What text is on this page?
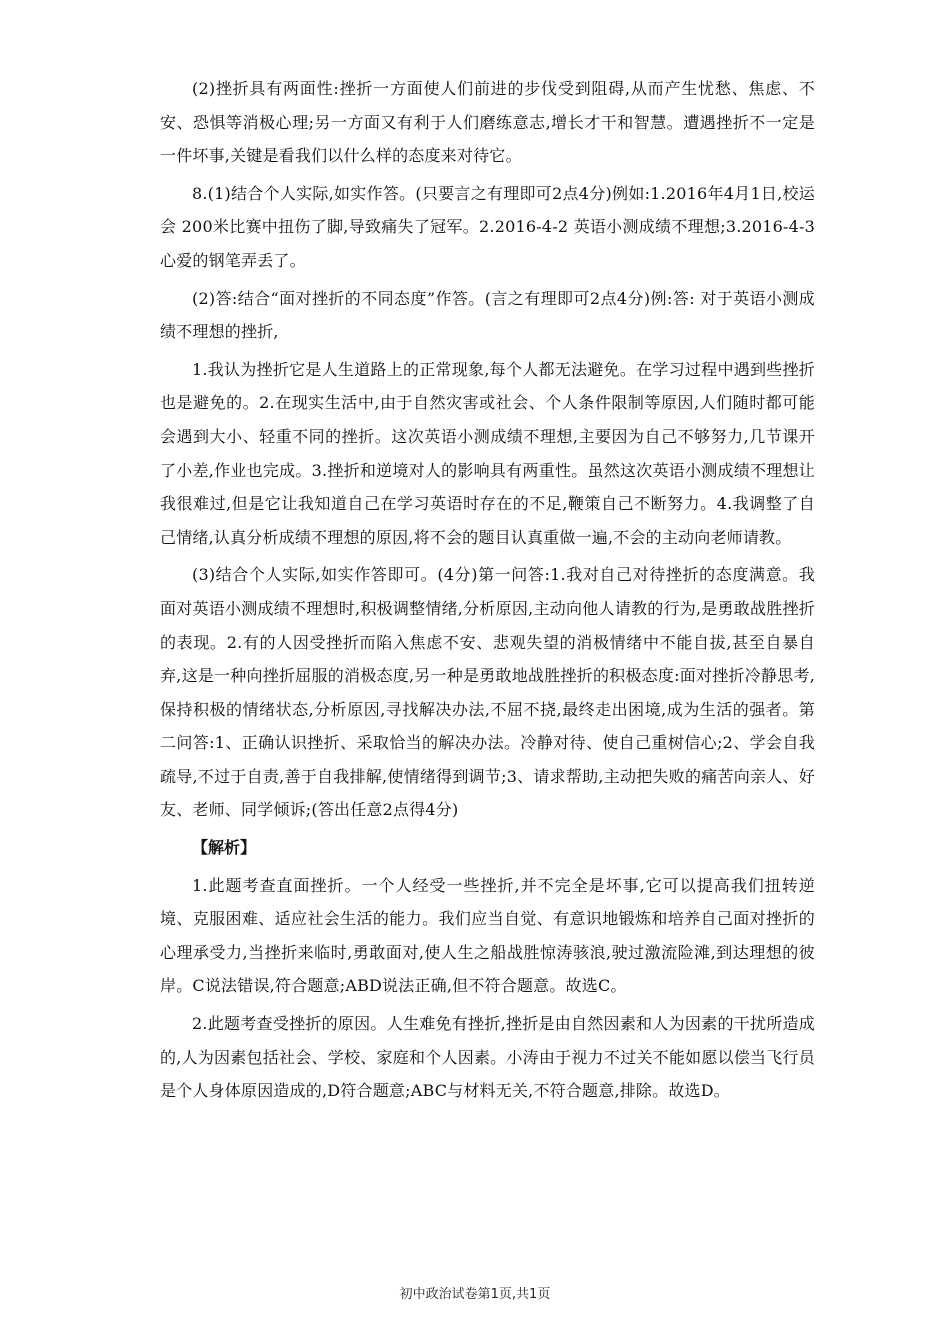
(2)挫折具有两面性:挫折一方面使人们前进的步伐受到阻碍,从而产生忧愁、焦虑、不安、恐惧等消极心理;另一方面又有利于人们磨练意志,增长才干和智慧。遭遇挫折不一定是一件坏事,关键是看我们以什么样的态度来对待它。

8.(1)结合个人实际,如实作答。(只要言之有理即可2点4分)例如:1.2016年4月1日,校运会 200米比赛中扭伤了脚,导致痛失了冠军。2.2016-4-2 英语小测成绩不理想;3.2016-4-3 心爱的钢笔弄丢了。

(2)答:结合“面对挫折的不同态度”作答。(言之有理即可2点4分)例:答: 对于英语小测成绩不理想的挫折,

1.我认为挫折它是人生道路上的正常现象,每个人都无法避免。在学习过程中遇到些挫折也是避免的。2.在现实生活中,由于自然灾害或社会、个人条件限制等原因,人们随时都可能会遇到大小、轻重不同的挫折。这次英语小测成绩不理想,主要因为自己不够努力,几节课开了小差,作业也完成。3.挫折和逆境对人的影响具有两重性。虽然这次英语小测成绩不理想让我很难过,但是它让我知道自己在学习英语时存在的不足,鞭策自己不断努力。4.我调整了自己情绪,认真分析成绩不理想的原因,将不会的题目认真重做一遍,不会的主动向老师请教。

(3)结合个人实际,如实作答即可。(4分)第一问答:1.我对自己对待挫折的态度满意。我面对英语小测成绩不理想时,积极调整情绪,分析原因,主动向他人请教的行为,是勇敢战胜挫折的表现。2.有的人因受挫折而陷入焦虑不安、悲观失望的消极情绪中不能自拔,甚至自暴自弃,这是一种向挫折屈服的消极态度,另一种是勇敢地战胜挫折的积极态度:面对挫折冷静思考,保持积极的情绪状态,分析原因,寻找解决办法,不屈不挠,最终走出困境,成为生活的强者。第二问答:1、正确认识挫折、采取恰当的解决办法。冷静对待、使自己重树信心;2、学会自我疏导,不过于自责,善于自我排解,使情绪得到调节;3、请求帮助,主动把失败的痛苦向亲人、好友、老师、同学倾诉;(答出任意2点得4分)

【解析】

1.此题考查直面挫折。一个人经受一些挫折,并不完全是坏事,它可以提高我们扭转逆境、克服困难、适应社会生活的能力。我们应当自觉、有意识地锻炼和培养自己面对挫折的心理承受力,当挫折来临时,勇敢面对,使人生之船战胜惊涛骇浪,驶过激流险滩,到达理想的彼岸。C说法错误,符合题意;ABD说法正确,但不符合题意。故选C。

2.此题考查受挫折的原因。人生难免有挫折,挫折是由自然因素和人为因素的干扰所造成的,人为因素包括社会、学校、家庭和个人因素。小涛由于视力不过关不能如愿以偿当飞行员是个人身体原因造成的,D符合题意;ABC与材料无关,不符合题意,排除。故选D。

初中政治试卷第1页,共1页
